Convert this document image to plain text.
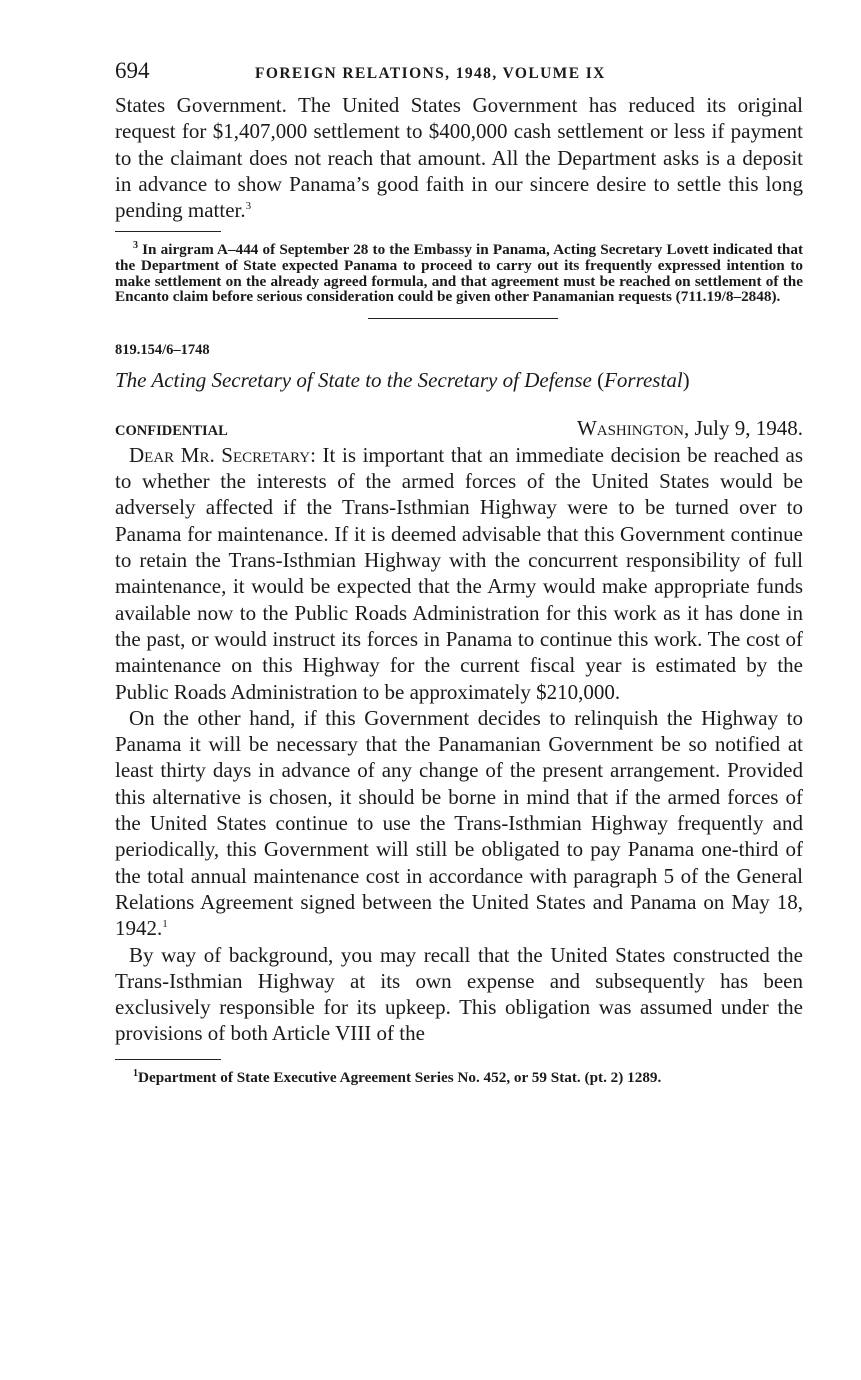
694	FOREIGN RELATIONS, 1948, VOLUME IX

States Government. The United States Government has reduced its original request for $1,407,000 settlement to $400,000 cash settlement or less if payment to the claimant does not reach that amount. All the Department asks is a deposit in advance to show Panama’s good faith in our sincere desire to settle this long pending matter.$^3$

$^3$ In airgram A–444 of September 28 to the Embassy in Panama, Acting Secretary Lovett indicated that the Department of State expected Panama to proceed to carry out its frequently expressed intention to make settlement on the already agreed formula, and that agreement must be reached on settlement of the Encanto claim before serious consideration could be given other Panamanian requests (711.19/8–2848).

819.154/6–1748

The Acting Secretary of State to the Secretary of Defense (Forrestal)

CONFIDENTIAL	Washington, July 9, 1948.

Dear Mr. Secretary: It is important that an immediate decision be reached as to whether the interests of the armed forces of the United States would be adversely affected if the Trans-Isthmian Highway were to be turned over to Panama for maintenance. If it is deemed advisable that this Government continue to retain the Trans-Isthmian Highway with the concurrent responsibility of full maintenance, it would be expected that the Army would make appropriate funds available now to the Public Roads Administration for this work as it has done in the past, or would instruct its forces in Panama to continue this work. The cost of maintenance on this Highway for the current fiscal year is estimated by the Public Roads Administration to be approximately $210,000.

On the other hand, if this Government decides to relinquish the Highway to Panama it will be necessary that the Panamanian Government be so notified at least thirty days in advance of any change of the present arrangement. Provided this alternative is chosen, it should be borne in mind that if the armed forces of the United States continue to use the Trans-Isthmian Highway frequently and periodically, this Government will still be obligated to pay Panama one-third of the total annual maintenance cost in accordance with paragraph 5 of the General Relations Agreement signed between the United States and Panama on May 18, 1942.$^1$

By way of background, you may recall that the United States constructed the Trans-Isthmian Highway at its own expense and subsequently has been exclusively responsible for its upkeep. This obligation was assumed under the provisions of both Article VIII of the

$^1$Department of State Executive Agreement Series No. 452, or 59 Stat. (pt. 2) 1289.
